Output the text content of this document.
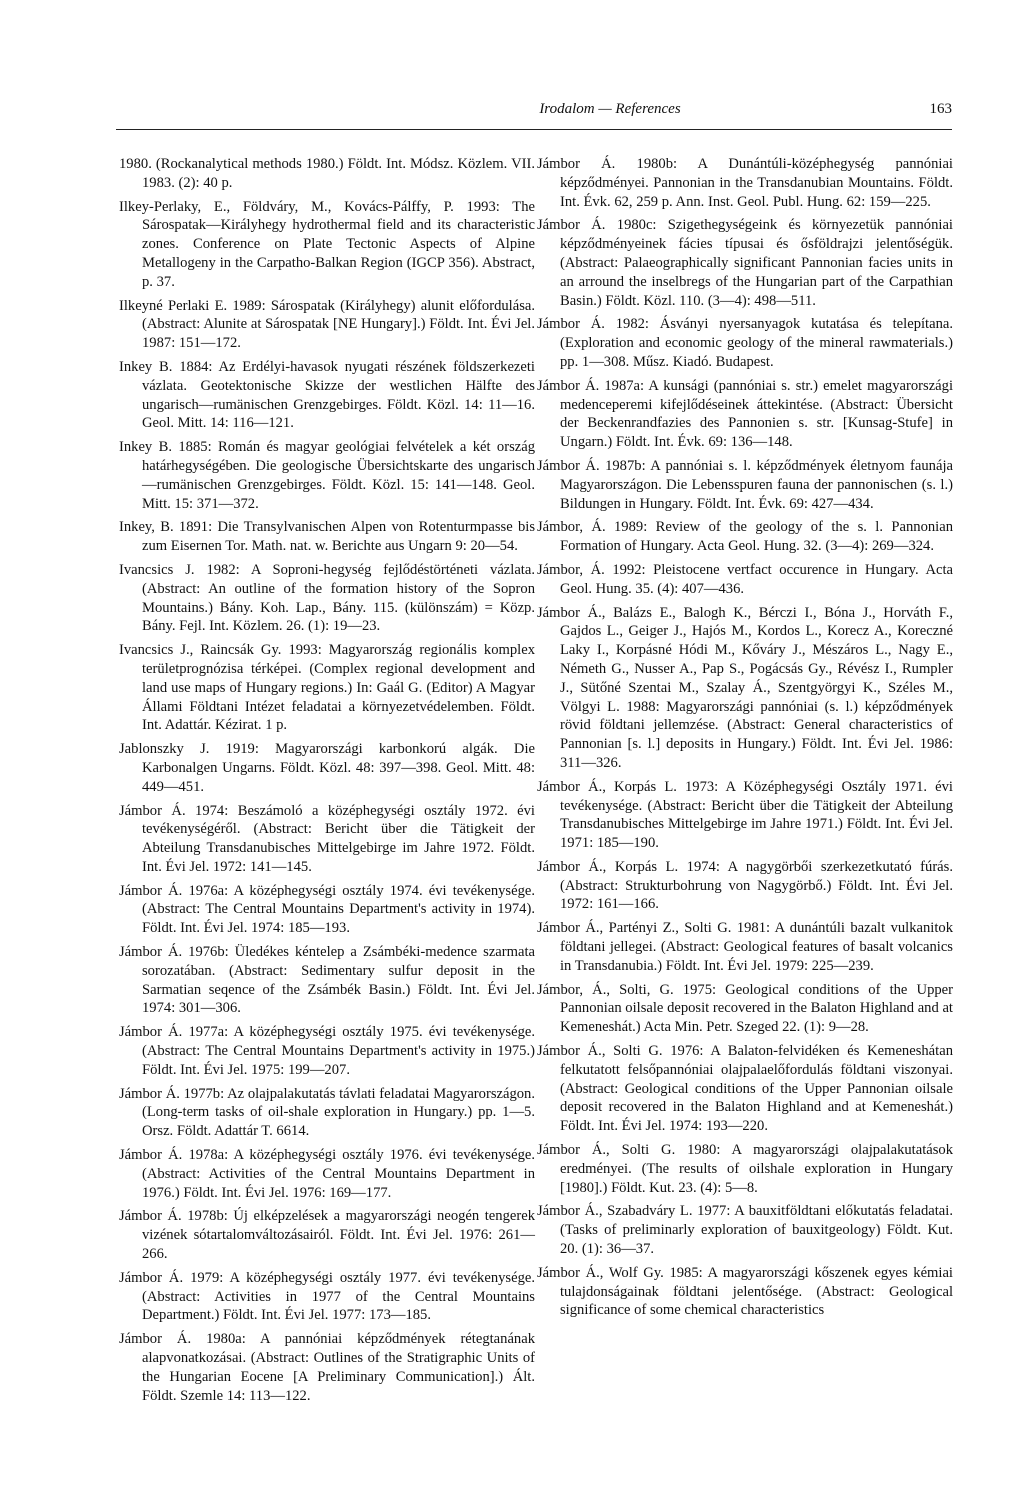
Irodalom — References	163

1980. (Rockanalytical methods 1980.) Földt. Int. Módsz. Közlem. VII. 1983. (2): 40 p.

Ilkey-Perlaky, E., Földváry, M., Kovács-Pálffy, P. 1993: The Sárospatak—Királyhegy hydrothermal field and its characteristic zones. Conference on Plate Tectonic Aspects of Alpine Metallogeny in the Carpatho-Balkan Region (IGCP 356). Abstract, p. 37.

Ilkeyné Perlaki E. 1989: Sárospatak (Királyhegy) alunit előfordulása. (Abstract: Alunite at Sárospatak [NE Hungary].) Földt. Int. Évi Jel. 1987: 151—172.

Inkey B. 1884: Az Erdélyi-havasok nyugati részének földszerkezeti vázlata. Geotektonische Skizze der westlichen Hälfte des ungarisch—rumänischen Grenzgebirges. Földt. Közl. 14: 11—16. Geol. Mitt. 14: 116—121.

Inkey B. 1885: Román és magyar geológiai felvételek a két ország határhegységében. Die geologische Übersichtskarte des ungarisch—rumänischen Grenzgebirges. Földt. Közl. 15: 141—148. Geol. Mitt. 15: 371—372.

Inkey, B. 1891: Die Transylvanischen Alpen von Rotenturmpasse bis zum Eisernen Tor. Math. nat. w. Berichte aus Ungarn 9: 20—54.

Ivancsics J. 1982: A Soproni-hegység fejlődéstörténeti vázlata. (Abstract: An outline of the formation history of the Sopron Mountains.) Bány. Koh. Lap., Bány. 115. (különszám) = Közp. Bány. Fejl. Int. Közlem. 26. (1): 19—23.

Ivancsics J., Raincsák Gy. 1993: Magyarország regionális komplex területprognózisa térképei. (Complex regional development and land use maps of Hungary regions.) In: Gaál G. (Editor) A Magyar Állami Földtani Intézet feladatai a környezetvédelemben. Földt. Int. Adattár. Kézirat. 1 p.

Jablonszky J. 1919: Magyarországi karbonkorú algák. Die Karbonalgen Ungarns. Földt. Közl. 48: 397—398. Geol. Mitt. 48: 449—451.

Jámbor Á. 1974: Beszámoló a középhegységi osztály 1972. évi tevékenységéről. (Abstract: Bericht über die Tätigkeit der Abteilung Transdanubisches Mittelgebirge im Jahre 1972. Földt. Int. Évi Jel. 1972: 141—145.

Jámbor Á. 1976a: A középhegységi osztály 1974. évi tevékenysége. (Abstract: The Central Mountains Department's activity in 1974). Földt. Int. Évi Jel. 1974: 185—193.

Jámbor Á. 1976b: Üledékes kéntelep a Zsámbéki-medence szarmata sorozatában. (Abstract: Sedimentary sulfur deposit in the Sarmatian seqence of the Zsámbék Basin.) Földt. Int. Évi Jel. 1974: 301—306.

Jámbor Á. 1977a: A középhegységi osztály 1975. évi tevékenysége. (Abstract: The Central Mountains Department's activity in 1975.) Földt. Int. Évi Jel. 1975: 199—207.

Jámbor Á. 1977b: Az olajpalakutatás távlati feladatai Magyarországon. (Long-term tasks of oil-shale exploration in Hungary.) pp. 1—5. Orsz. Földt. Adattár T. 6614.

Jámbor Á. 1978a: A középhegységi osztály 1976. évi tevékenysége. (Abstract: Activities of the Central Mountains Department in 1976.) Földt. Int. Évi Jel. 1976: 169—177.

Jámbor Á. 1978b: Új elképzelések a magyarországi neogén tengerek vizének sótartalomváltozásairól. Földt. Int. Évi Jel. 1976: 261—266.

Jámbor Á. 1979: A középhegységi osztály 1977. évi tevékenysége. (Abstract: Activities in 1977 of the Central Mountains Department.) Földt. Int. Évi Jel. 1977: 173—185.

Jámbor Á. 1980a: A pannóniai képződmények rétegtanának alapvonatkozásai. (Abstract: Outlines of the Stratigraphic Units of the Hungarian Eocene [A Preliminary Communication].) Ált. Földt. Szemle 14: 113—122.

Jámbor Á. 1980b: A Dunántúli-középhegység pannóniai képződményei. Pannonian in the Transdanubian Mountains. Földt. Int. Évk. 62, 259 p. Ann. Inst. Geol. Publ. Hung. 62: 159—225.

Jámbor Á. 1980c: Szigethegységeink és környezetük pannóniai képződményeinek fácies típusai és ősföldrajzi jelentőségük. (Abstract: Palaeographically significant Pannonian facies units in an arround the inselbregs of the Hungarian part of the Carpathian Basin.) Földt. Közl. 110. (3—4): 498—511.

Jámbor Á. 1982: Ásványi nyersanyagok kutatása és telepítana. (Exploration and economic geology of the mineral rawmaterials.) pp. 1—308. Műsz. Kiadó. Budapest.

Jámbor Á. 1987a: A kunsági (pannóniai s. str.) emelet magyarországi medenceperemi kifejlődéseinek áttekintése. (Abstract: Übersicht der Beckenrandfazies des Pannonien s. str. [Kunsag-Stufe] in Ungarn.) Földt. Int. Évk. 69: 136—148.

Jámbor Á. 1987b: A pannóniai s. l. képződmények életnyom faunája Magyarországon. Die Lebensspuren fauna der pannonischen (s. l.) Bildungen in Hungary. Földt. Int. Évk. 69: 427—434.

Jámbor, Á. 1989: Review of the geology of the s. l. Pannonian Formation of Hungary. Acta Geol. Hung. 32. (3—4): 269—324.

Jámbor, Á. 1992: Pleistocene vertfact occurence in Hungary. Acta Geol. Hung. 35. (4): 407—436.

Jámbor Á., Balázs E., Balogh K., Bérczi I., Bóna J., Horváth F., Gajdos L., Geiger J., Hajós M., Kordos L., Korecz A., Koreczné Laky I., Korpásné Hódi M., Kőváry J., Mészáros L., Nagy E., Németh G., Nusser A., Pap S., Pogácsás Gy., Révész I., Rumpler J., Sütőné Szentai M., Szalay Á., Szentgyörgyi K., Széles M., Völgyi L. 1988: Magyarországi pannóniai (s. l.) képződmények rövid földtani jellemzése. (Abstract: General characteristics of Pannonian [s. l.] deposits in Hungary.) Földt. Int. Évi Jel. 1986: 311—326.

Jámbor Á., Korpás L. 1973: A Középhegységi Osztály 1971. évi tevékenysége. (Abstract: Bericht über die Tätigkeit der Abteilung Transdanubisches Mittelgebirge im Jahre 1971.) Földt. Int. Évi Jel. 1971: 185—190.

Jámbor Á., Korpás L. 1974: A nagygörbői szerkezetkutató fúrás. (Abstract: Strukturbohrung von Nagygörbő.) Földt. Int. Évi Jel. 1972: 161—166.

Jámbor Á., Partényi Z., Solti G. 1981: A dunántúli bazalt vulkanitok földtani jellegei. (Abstract: Geological features of basalt volcanics in Transdanubia.) Földt. Int. Évi Jel. 1979: 225—239.

Jámbor, Á., Solti, G. 1975: Geological conditions of the Upper Pannonian oilsale deposit recovered in the Balaton Highland and at Kemeneshát.) Acta Min. Petr. Szeged 22. (1): 9—28.

Jámbor Á., Solti G. 1976: A Balaton-felvidéken és Kemeneshátan felkutatott felsőpannóniai olajpalaelőfordulás földtani viszonyai. (Abstract: Geological conditions of the Upper Pannonian oilsale deposit recovered in the Balaton Highland and at Kemeneshát.) Földt. Int. Évi Jel. 1974: 193—220.

Jámbor Á., Solti G. 1980: A magyarországi olajpalakutatások eredményei. (The results of oilshale exploration in Hungary [1980].) Földt. Kut. 23. (4): 5—8.

Jámbor Á., Szabadváry L. 1977: A bauxitföldtani előkutatás feladatai. (Tasks of preliminarly exploration of bauxitgeology) Földt. Kut. 20. (1): 36—37.

Jámbor Á., Wolf Gy. 1985: A magyarországi kőszenek egyes kémiai tulajdonságainak földtani jelentősége. (Abstract: Geological significance of some chemical characteristics
